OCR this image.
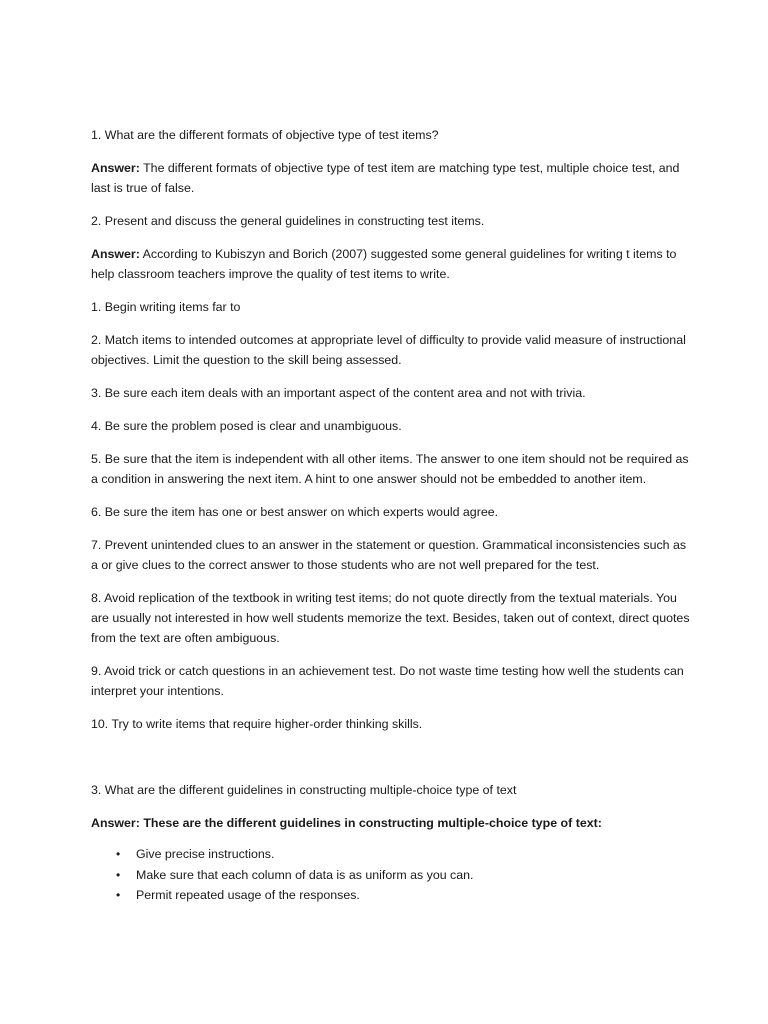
1. What are the different formats of objective type of test items?

Answer: The different formats of objective type of test item are matching type test, multiple choice test, and last is true of false.

2. Present and discuss the general guidelines in constructing test items.

Answer: According to Kubiszyn and Borich (2007) suggested some general guidelines for writing t items to help classroom teachers improve the quality of test items to write.

1. Begin writing items far to

2. Match items to intended outcomes at appropriate level of difficulty to provide valid measure of instructional objectives. Limit the question to the skill being assessed.

3. Be sure each item deals with an important aspect of the content area and not with trivia.

4. Be sure the problem posed is clear and unambiguous.

5. Be sure that the item is independent with all other items. The answer to one item should not be required as a condition in answering the next item. A hint to one answer should not be embedded to another item.

6. Be sure the item has one or best answer on which experts would agree.

7. Prevent unintended clues to an answer in the statement or question. Grammatical inconsistencies such as a or give clues to the correct answer to those students who are not well prepared for the test.

8. Avoid replication of the textbook in writing test items; do not quote directly from the textual materials. You are usually not interested in how well students memorize the text. Besides, taken out of context, direct quotes from the text are often ambiguous.

9. Avoid trick or catch questions in an achievement test. Do not waste time testing how well the students can interpret your intentions.

10. Try to write items that require higher-order thinking skills.

3. What are the different guidelines in constructing multiple-choice type of text

Answer: These are the different guidelines in constructing multiple-choice type of text:

• Give precise instructions.
• Make sure that each column of data is as uniform as you can.
• Permit repeated usage of the responses.
